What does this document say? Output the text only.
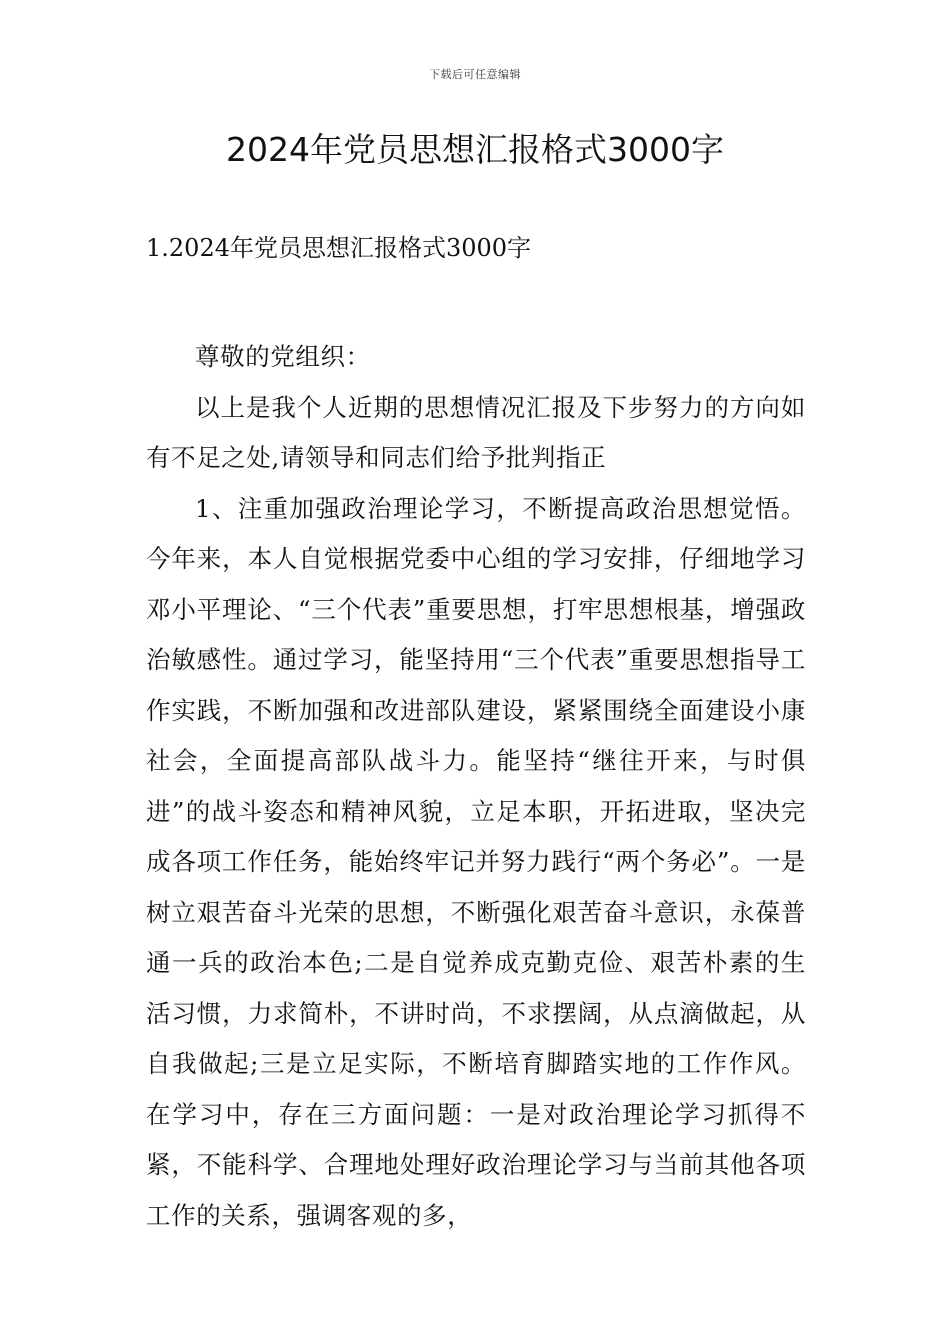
下载后可任意编辑
2024年党员思想汇报格式3000字
1.2024年党员思想汇报格式3000字

尊敬的党组织：

以上是我个人近期的思想情况汇报及下步努力的方向如有不足之处,请领导和同志们给予批判指正

1、注重加强政治理论学习，不断提高政治思想觉悟。今年来，本人自觉根据党委中心组的学习安排，仔细地学习邓小平理论、“三个代表”重要思想，打牢思想根基，增强政治敏感性。通过学习，能坚持用“三个代表”重要思想指导工作实践，不断加强和改进部队建设，紧紧围绕全面建设小康社会，全面提高部队战斗力。能坚持“继往开来，与时俱进”的战斗姿态和精神风貌，立足本职，开拓进取，坚决完成各项工作任务，能始终牢记并努力践行“两个务必”。一是树立艰苦奋斗光荣的思想，不断强化艰苦奋斗意识，永葆普通一兵的政治本色;二是自觉养成克勤克俭、艰苦朴素的生活习惯，力求简朴，不讲时尚，不求摆阔，从点滴做起，从自我做起;三是立足实际，不断培育脚踏实地的工作作风。在学习中，存在三方面问题：一是对政治理论学习抓得不紧，不能科学、合理地处理好政治理论学习与当前其他各项工作的关系，强调客观的多，
